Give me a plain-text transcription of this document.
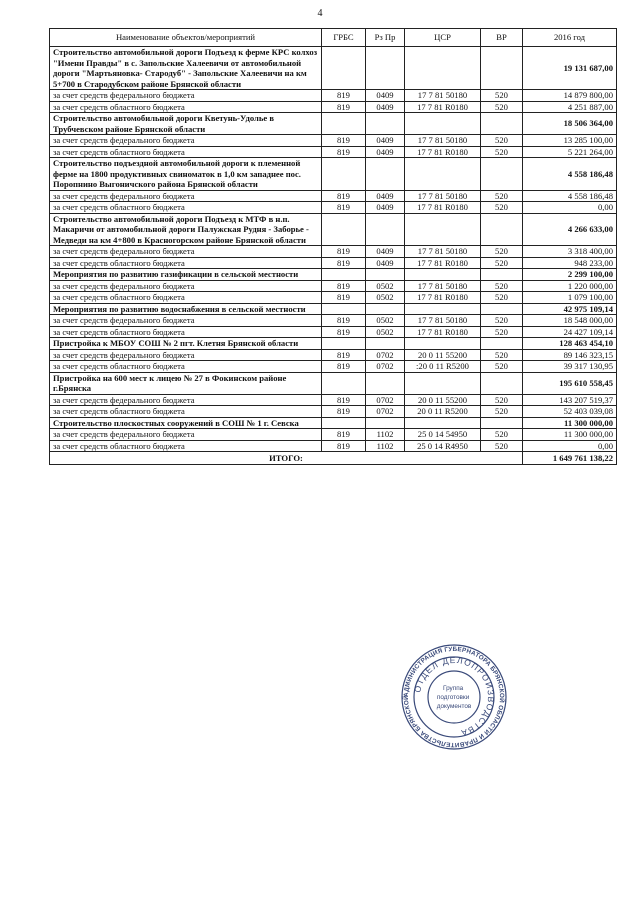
4
Наименование объектов/мероприятий	ГРБС	Рз Пр	ЦСР	ВР	2016 год
Строительство автомобильной дороги Подъезд к ферме КРС колхоз "Имени Правды" в с. Запольские Халеевичи от автомобильной дороги "Мартьяновка- Стародуб" - Запольские Халеевичи на км 5+700 в Стародубском районе Брянской области					19 131 687,00
за счет средств федерального бюджета	819	0409	17 7 81 50180	520	14 879 800,00
за счет средств областного бюджета	819	0409	17 7 81 R0180	520	4 251 887,00
Строительство автомобильной дороги Кветунь-Удолье в Трубчевском районе Брянской области					18 506 364,00
за счет средств федерального бюджета	819	0409	17 7 81 50180	520	13 285 100,00
за счет средств областного бюджета	819	0409	17 7 81 R0180	520	5 221 264,00
Строительство подъездной автомобильной дороги к племенной ферме на 1800 продуктивных свиноматок в 1,0 км западнее пос. Поропнино Выгоничского района Брянской области					4 558 186,48
за счет средств федерального бюджета	819	0409	17 7 81 50180	520	4 558 186,48
за счет средств областного бюджета	819	0409	17 7 81 R0180	520	0,00
Строительство автомобильной дороги Подъезд к МТФ в н.п. Макаричи от автомобильной дороги Палужская Рудня - Заборье - Медведи на км 4+800 в Красногорском районе Брянской области					4 266 633,00
за счет средств федерального бюджета	819	0409	17 7 81 50180	520	3 318 400,00
за счет средств областного бюджета	819	0409	17 7 81 R0180	520	948 233,00
Мероприятия по развитию газификации в сельской местности					2 299 100,00
за счет средств федерального бюджета	819	0502	17 7 81 50180	520	1 220 000,00
за счет средств областного бюджета	819	0502	17 7 81 R0180	520	1 079 100,00
Мероприятия по развитию водоснабжения в сельской местности					42 975 109,14
за счет средств федерального бюджета	819	0502	17 7 81 50180	520	18 548 000,00
за счет средств областного бюджета	819	0502	17 7 81 R0180	520	24 427 109,14
Пристройка к МБОУ СОШ № 2 пгт. Клетня Брянской области					128 463 454,10
за счет средств федерального бюджета	819	0702	20 0 11 55200	520	89 146 323,15
за счет средств областного бюджета	819	0702	:20 0 11 R5200	520	39 317 130,95
Пристройка на 600 мест к лицею № 27 в Фокинском районе г.Брянска					195 610 558,45
за счет средств федерального бюджета	819	0702	20 0 11 55200	520	143 207 519,37
за счет средств областного бюджета	819	0702	20 0 11 R5200	520	52 403 039,08
Строительство плоскостных сооружений в СОШ № 1 г. Севска					11 300 000,00
за счет средств федерального бюджета	819	1102	25 0 14 54950	520	11 300 000,00
за счет средств областного бюджета	819	1102	25 0 14 R4950	520	0,00
ИТОГО:					1 649 761 138,22
АДМИНИСТРАЦИЯ ГУБЕРНАТОРА БРЯНСКОЙ ОБЛАСТИ И ПРАВИТЕЛЬСТВА БРЯНСКОЙ ОБЛАСТИ
ОТДЕЛ ДЕЛОПРОИЗВОДСТВА
Группа подготовки документов
